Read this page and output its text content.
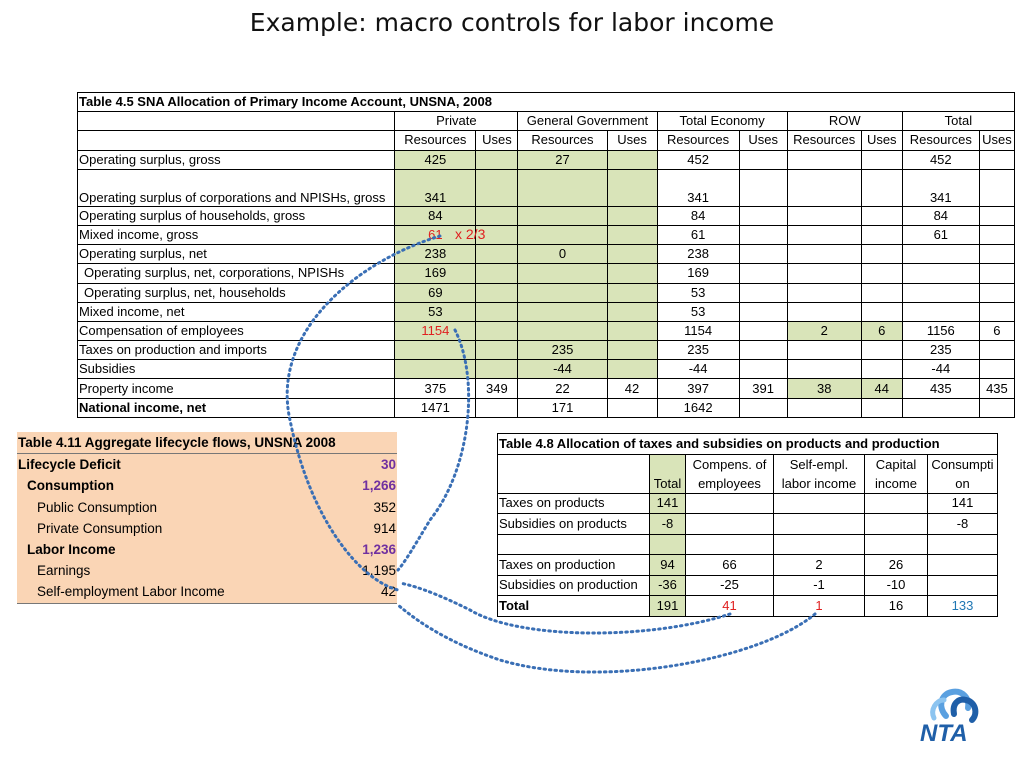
Example: macro controls for labor income
Table 4.5 SNA Allocation of Primary Income Account, UNSNA, 2008										
	Private		General Government		Total Economy		ROW		Total	
	Resources	Uses	Resources	Uses	Resources	Uses	Resources	Uses	Resources	Uses
Operating surplus, gross	425		27		452				452	
Operating surplus of corporations and NPISHs, gross	341				341				341	
Operating surplus of households, gross	84				84				84	
Mixed income, gross	61				61				61	
Operating surplus, net	238		0		238					
Operating surplus, net, corporations, NPISHs	169				169					
Operating surplus, net, households	69				53					
Mixed income, net	53				53					
Compensation of employees	1154				1154		2	6	1156	6
Taxes on production and imports			235		235				235	
Subsidies			-44		-44				-44	
Property income	375	349	22	42	397	391	38	44	435	435
National income, net	1471		171		1642					
x 2/3
Table 4.11 Aggregate lifecycle flows, UNSNA 2008
Lifecycle Deficit	30
Consumption	1,266
Public Consumption	352
Private Consumption	914
Labor Income	1,236
Earnings	1,195
Self-employment Labor Income	42
Table 4.8 Allocation of taxes and subsidies on products and production					
	Total	Compens. of employees	Self-empl. labor income	Capital income	Consumption
Taxes on products	141				141
Subsidies on products	-8				-8

Taxes on production	94	66	2	26	
Subsidies on production	-36	-25	-1	-10	
Total	191	41	1	16	133
NTA
